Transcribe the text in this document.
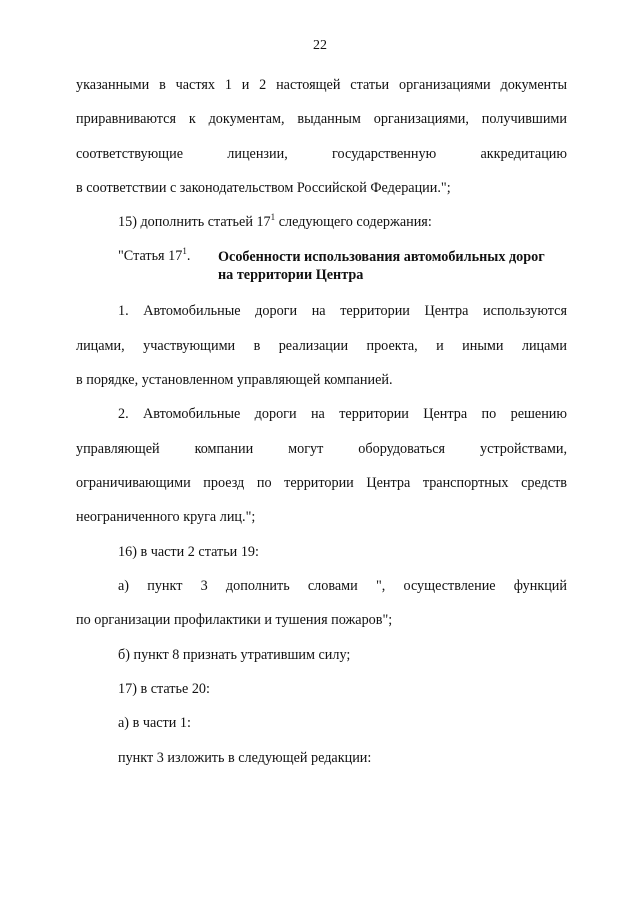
22
указанными в частях 1 и 2 настоящей статьи организациями документы
приравниваются к документам, выданным организациями, получившими
соответствующие лицензии, государственную аккредитацию
в соответствии с законодательством Российской Федерации.";
15) дополнить статьей $17^1$ следующего содержания:
"Статья $17^1$. Особенности использования автомобильных дорог
на территории Центра
1. Автомобильные дороги на территории Центра используются
лицами, участвующими в реализации проекта, и иными лицами
в порядке, установленном управляющей компанией.
2. Автомобильные дороги на территории Центра по решению
управляющей компании могут оборудоваться устройствами,
ограничивающими проезд по территории Центра транспортных средств
неограниченного круга лиц.";
16) в части 2 статьи 19:
а) пункт 3 дополнить словами ", осуществление функций
по организации профилактики и тушения пожаров";
б) пункт 8 признать утратившим силу;
17) в статье 20:
а) в части 1:
пункт 3 изложить в следующей редакции:
